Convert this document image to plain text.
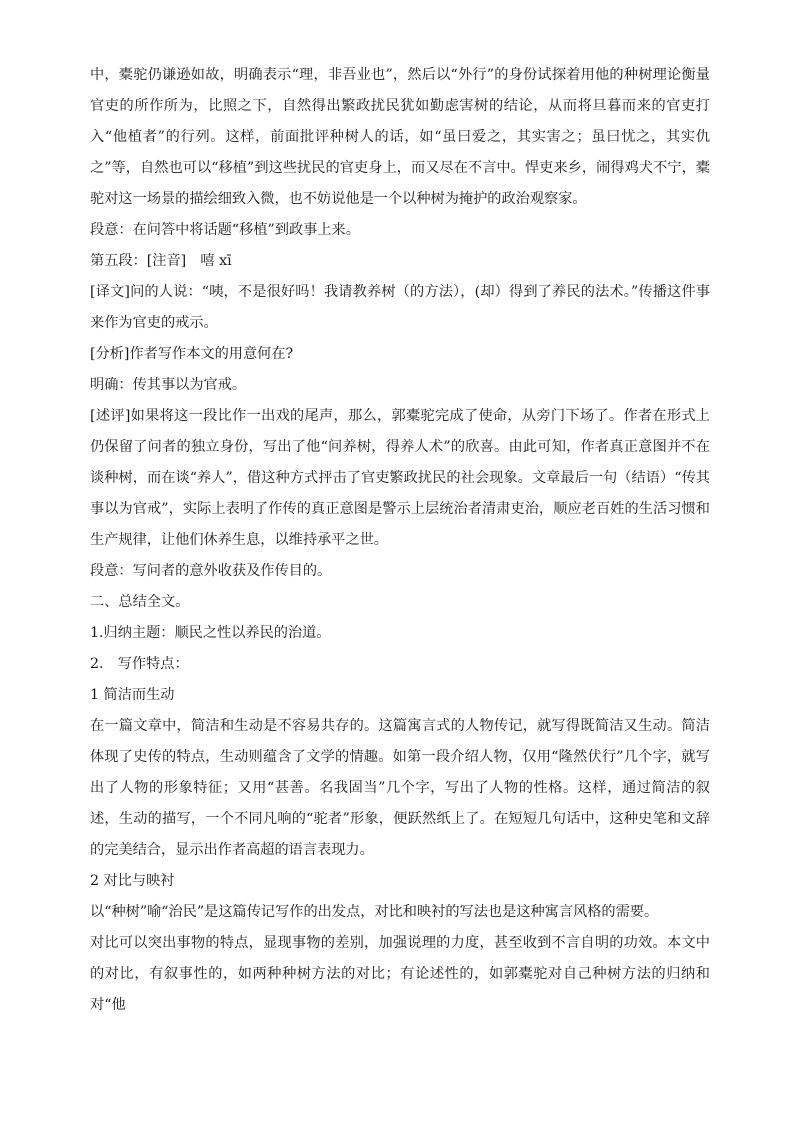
中，橐驼仍谦逊如故，明确表示“理，非吾业也”，然后以“外行”的身份试探着用他的种树理论衡量官吏的所作所为，比照之下，自然得出繁政扰民犹如勤虑害树的结论，从而将旦暮而来的官吏打入“他植者”的行列。这样，前面批评种树人的话，如“虽曰爱之，其实害之；虽曰忧之，其实仇之”等，自然也可以“移植”到这些扰民的官吏身上，而又尽在不言中。悍吏来乡，闹得鸡犬不宁，橐驼对这一场景的描绘细致入微，也不妨说他是一个以种树为掩护的政治观察家。

段意：在问答中将话题“移植”到政事上来。

第五段：[注音]　嘻 xī

[译文]问的人说：“咦，不是很好吗！我请教养树（的方法），(却）得到了养民的法术。”传播这件事来作为官吏的戒示。

[分析]作者写作本文的用意何在?

明确：传其事以为官戒。

[述评]如果将这一段比作一出戏的尾声，那么，郭橐驼完成了使命，从旁门下场了。作者在形式上仍保留了问者的独立身份，写出了他“问养树，得养人术”的欣喜。由此可知，作者真正意图并不在谈种树，而在谈“养人”，借这种方式抨击了官吏繁政扰民的社会现象。文章最后一句（结语）“传其事以为官戒”，实际上表明了作传的真正意图是警示上层统治者清肃吏治，顺应老百姓的生活习惯和生产规律，让他们休养生息，以维持承平之世。

段意：写问者的意外收获及作传目的。

二、总结全文。

1.归纳主题：顺民之性以养民的治道。

2.　写作特点：

1 简洁而生动

在一篇文章中，简洁和生动是不容易共存的。这篇寓言式的人物传记，就写得既简洁又生动。简洁体现了史传的特点，生动则蕴含了文学的情趣。如第一段介绍人物，仅用“隆然伏行”几个字，就写出了人物的形象特征；又用“甚善。名我固当”几个字，写出了人物的性格。这样，通过简洁的叙述，生动的描写，一个不同凡响的“驼者”形象，便跃然纸上了。在短短几句话中，这种史笔和文辞的完美结合，显示出作者高超的语言表现力。

2 对比与映衬

以“种树”喻“治民”是这篇传记写作的出发点，对比和映衬的写法也是这种寓言风格的需要。

对比可以突出事物的特点，显现事物的差别，加强说理的力度，甚至收到不言自明的功效。本文中的对比，有叙事性的，如两种种树方法的对比；有论述性的，如郭橐驼对自己种树方法的归纳和对“他
